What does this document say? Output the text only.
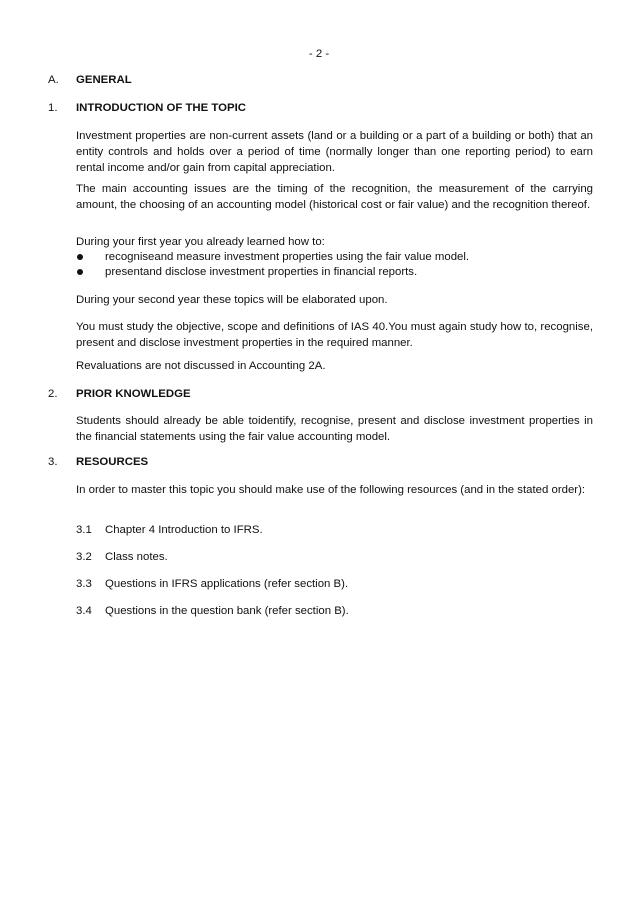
- 2 -
A. GENERAL
1. INTRODUCTION OF THE TOPIC
Investment properties are non-current assets (land or a building or a part of a building or both) that an entity controls and holds over a period of time (normally longer than one reporting period) to earn rental income and/or gain from capital appreciation.
The main accounting issues are the timing of the recognition, the measurement of the carrying amount, the choosing of an accounting model (historical cost or fair value) and the recognition thereof.
During your first year you already learned how to:
recogniseand measure investment properties using the fair value model.
presentand disclose investment properties in financial reports.
During your second year these topics will be elaborated upon.
You must study the objective, scope and definitions of IAS 40.You must again study how to, recognise, present and disclose investment properties in the required manner.
Revaluations are not discussed in Accounting 2A.
2. PRIOR KNOWLEDGE
Students should already be able toidentify, recognise, present and disclose investment properties in the financial statements using the fair value accounting model.
3. RESOURCES
In order to master this topic you should make use of the following resources (and in the stated order):
3.1 Chapter 4 Introduction to IFRS.
3.2 Class notes.
3.3 Questions in IFRS applications (refer section B).
3.4 Questions in the question bank (refer section B).
